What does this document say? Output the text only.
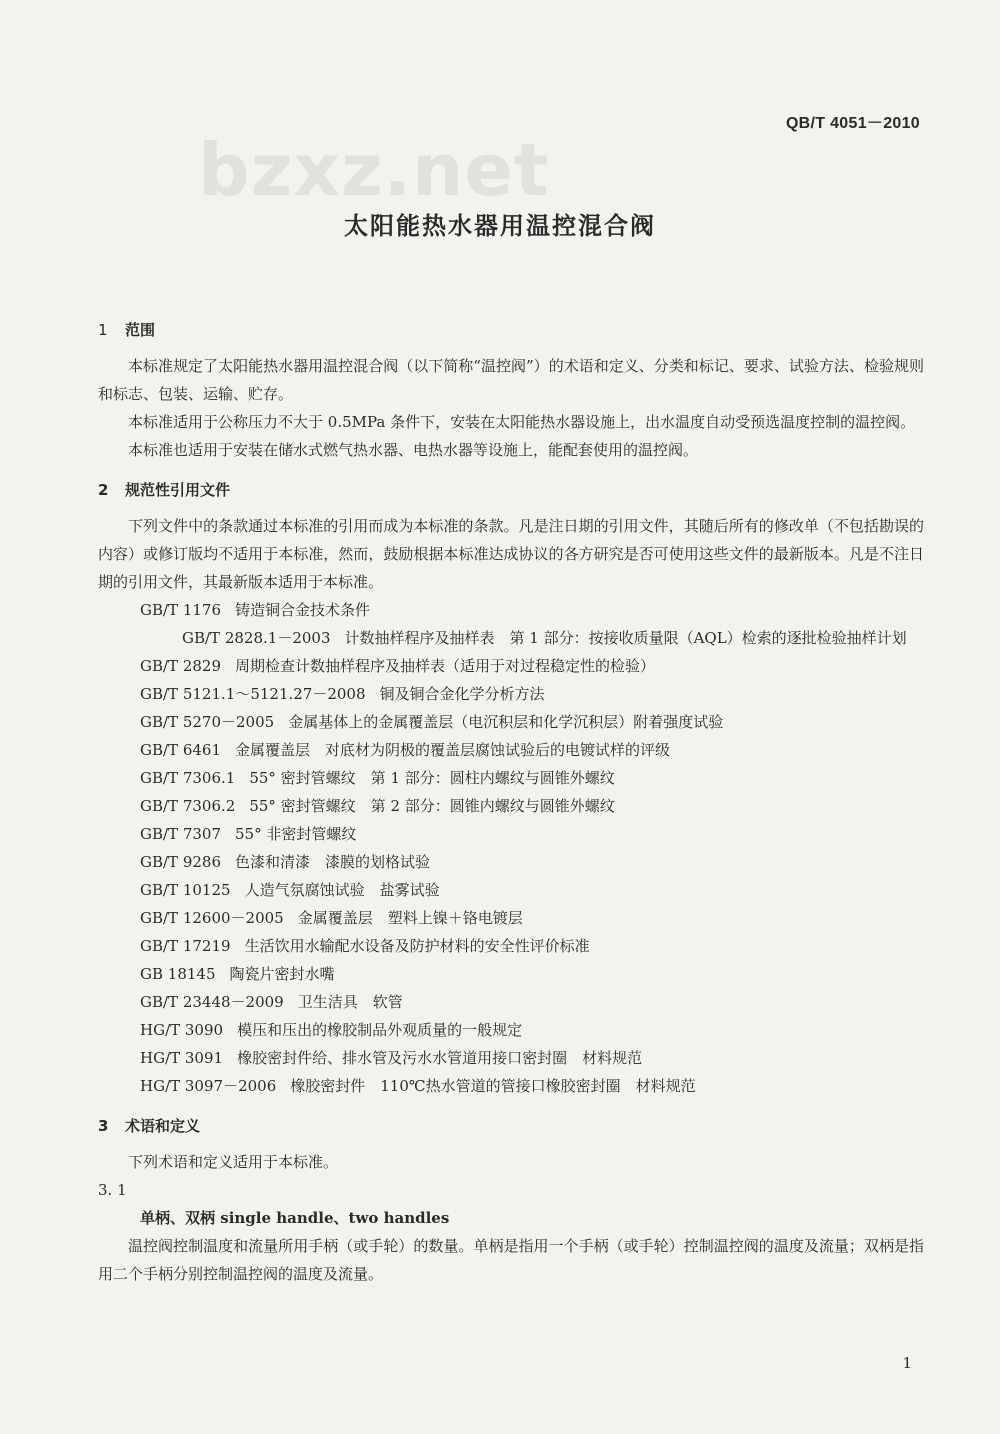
bzxz.net
QB/T 4051－2010
太阳能热水器用温控混合阀
1 范围

本标准规定了太阳能热水器用温控混合阀（以下简称“温控阀”）的术语和定义、分类和标记、要求、试验方法、检验规则和标志、包装、运输、贮存。

本标准适用于公称压力不大于 0.5MPa 条件下，安装在太阳能热水器设施上，出水温度自动受预选温度控制的温控阀。

本标准也适用于安装在储水式燃气热水器、电热水器等设施上，能配套使用的温控阀。

2 规范性引用文件

下列文件中的条款通过本标准的引用而成为本标准的条款。凡是注日期的引用文件，其随后所有的修改单（不包括勘误的内容）或修订版均不适用于本标准，然而，鼓励根据本标准达成协议的各方研究是否可使用这些文件的最新版本。凡是不注日期的引用文件，其最新版本适用于本标准。

GB/T 1176 铸造铜合金技术条件
GB/T 2828.1－2003 计数抽样程序及抽样表　第 1 部分：按接收质量限（AQL）检索的逐批检验抽样计划
GB/T 2829 周期检查计数抽样程序及抽样表（适用于对过程稳定性的检验）
GB/T 5121.1～5121.27－2008 铜及铜合金化学分析方法
GB/T 5270－2005 金属基体上的金属覆盖层（电沉积层和化学沉积层）附着强度试验
GB/T 6461 金属覆盖层　对底材为阴极的覆盖层腐蚀试验后的电镀试样的评级
GB/T 7306.1 55° 密封管螺纹　第 1 部分：圆柱内螺纹与圆锥外螺纹
GB/T 7306.2 55° 密封管螺纹　第 2 部分：圆锥内螺纹与圆锥外螺纹
GB/T 7307 55° 非密封管螺纹
GB/T 9286 色漆和清漆　漆膜的划格试验
GB/T 10125 人造气氛腐蚀试验　盐雾试验
GB/T 12600－2005 金属覆盖层　塑料上镍＋铬电镀层
GB/T 17219 生活饮用水输配水设备及防护材料的安全性评价标准
GB 18145 陶瓷片密封水嘴
GB/T 23448－2009 卫生洁具　软管
HG/T 3090 模压和压出的橡胶制品外观质量的一般规定
HG/T 3091 橡胶密封件给、排水管及污水水管道用接口密封圈　材料规范
HG/T 3097－2006 橡胶密封件　110℃热水管道的管接口橡胶密封圈　材料规范
3 术语和定义

下列术语和定义适用于本标准。

3. 1
单柄、双柄 single handle、two handles

温控阀控制温度和流量所用手柄（或手轮）的数量。单柄是指用一个手柄（或手轮）控制温控阀的温度及流量；双柄是指用二个手柄分别控制温控阀的温度及流量。

1
